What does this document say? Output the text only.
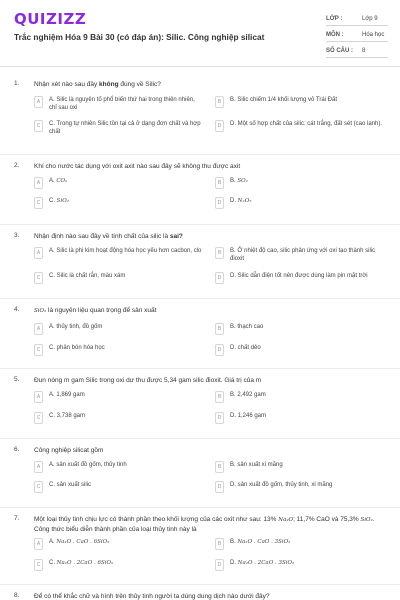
QUIZIZZ
Trắc nghiệm Hóa 9 Bài 30 (có đáp án): Silic. Công nghiệp silicat
LỚP :	Lớp 9
MÔN :	Hóa học
SỐ CÂU : 8
1. Nhận xét nào sau đây không đúng về Silic?
A	A. Silic là nguyên tố phổ biến thứ hai trong thiên nhiên, chỉ sau oxi
B	B. Silic chiếm 1/4 khối lượng vỏ Trái Đất
C	C. Trong tự nhiên Silic tồn tại cả ở dạng đơn chất và hợp chất
D	D. Một số hợp chất của silic: cát trắng, đất sét (cao lanh).
2. Khí cho nước tác dụng với oxit axit nào sau đây sẽ không thu được axit
A	A. CO₂	B	B. SO₂
C	C. SiO₂	D	D. N₂O₅
3. Nhận định nào sau đây về tính chất của silic là sai?
A	A. Silic là phi kim hoạt động hóa học yếu hơn cacbon, clo	B	B. Ở nhiệt độ cao, silic phản ứng với oxi tạo thành silic đioxit
C	C. Silic là chất rắn, màu xám	D	D. Silic dẫn điện tốt nên được dùng làm pin mặt trời
4.	SiO₂ là nguyên liệu quan trọng để sản xuất
A	A. thủy tinh, đồ gốm	B	B. thạch cao
C	C. phân bón hóa học	D	D. chất dẻo
5. Đun nóng m gam Silic trong oxi dư thu được 5,34 gam silic đioxit. Giá trị của m
A	A. 1,869 gam	B	B. 2,492 gam
C	C. 3,738 gam	D	D. 1,246 gam
6. Công nghiệp silicat gồm
A	A. sản xuất đồ gốm, thủy tinh	B	B. sản xuất xi măng
C	C. sản xuất silic	D	D. sản xuất đồ gốm, thủy tinh, xi măng
7. Một loại thủy tinh chịu lực có thành phần theo khối lượng của các oxit như sau: 13% Na₂O; 11,7% CaO và 75,3% SiO₂. Công thức biểu diễn thành phần của loại thủy tinh này là
A	A. Na₂O . CaO . 6SiO₂	B	B. Na₂O . CaO . 3SiO₂
C	C. Na₂O . 2CaO . 6SiO₂	D	D. Na₂O . 2CaO . 3SiO₂
8. Để có thể khắc chữ và hình trên thủy tinh người ta dùng dung dịch nào dưới đây?
